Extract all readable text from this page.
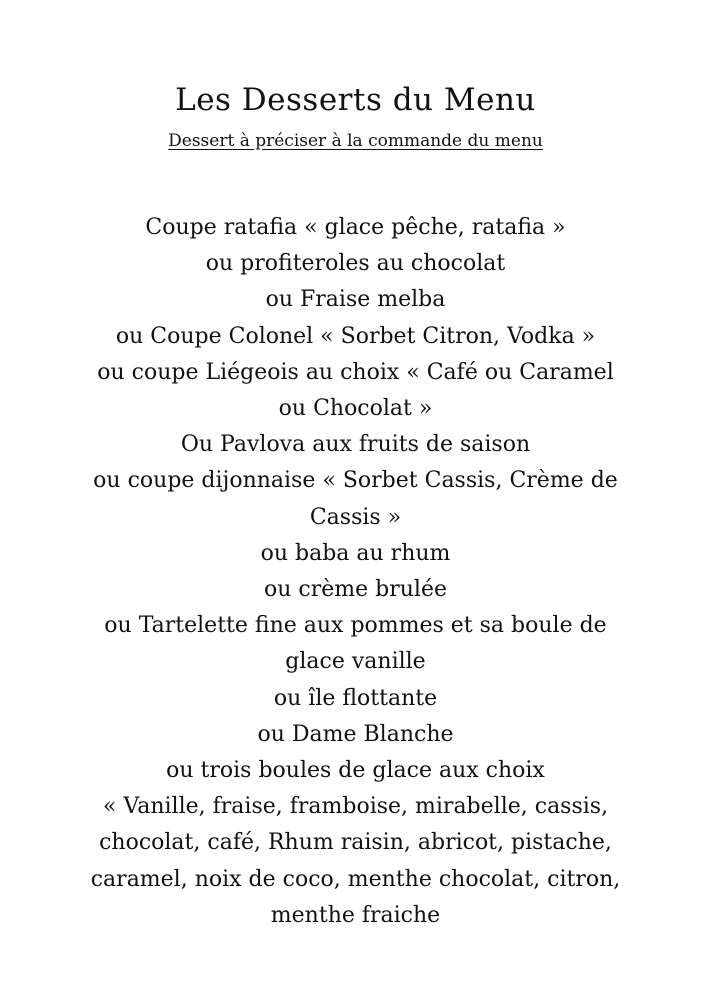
Les Desserts du Menu

Dessert à préciser à la commande du menu

Coupe ratafia « glace pêche, ratafia »
ou profiteroles au chocolat
ou Fraise melba
ou Coupe Colonel « Sorbet Citron, Vodka »
ou coupe Liégeois au choix « Café ou Caramel
ou Chocolat »
Ou Pavlova aux fruits de saison
ou coupe dijonnaise « Sorbet Cassis, Crème de
Cassis »
ou baba au rhum
ou crème brulée
ou Tartelette fine aux pommes et sa boule de
glace vanille
ou île flottante
ou Dame Blanche
ou trois boules de glace aux choix
« Vanille, fraise, framboise, mirabelle, cassis,
chocolat, café, Rhum raisin, abricot, pistache,
caramel, noix de coco, menthe chocolat, citron,
menthe fraiche
